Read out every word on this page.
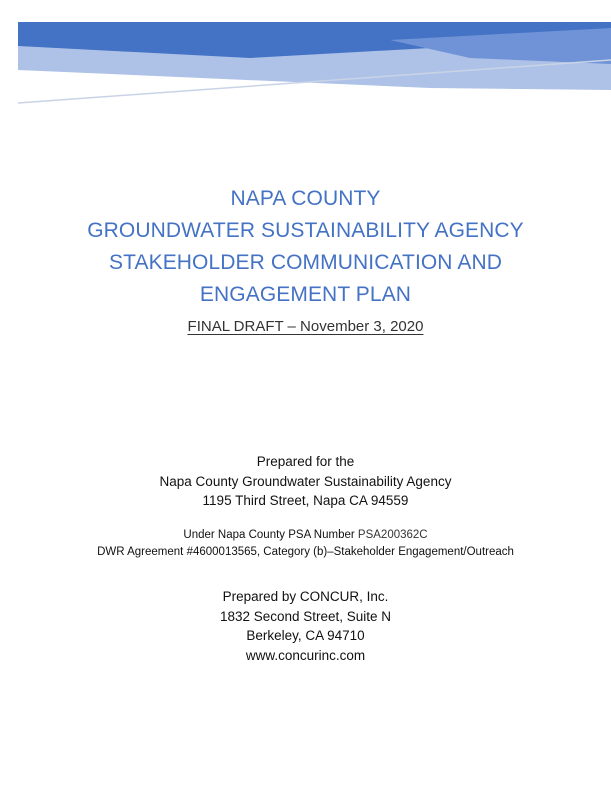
NAPA COUNTY
GROUNDWATER SUSTAINABILITY AGENCY
STAKEHOLDER COMMUNICATION AND
ENGAGEMENT PLAN
FINAL DRAFT – November 3, 2020
Prepared for the
Napa County Groundwater Sustainability Agency
1195 Third Street, Napa CA 94559
Under Napa County PSA Number PSA200362C
DWR Agreement #4600013565, Category (b)–Stakeholder Engagement/Outreach
Prepared by CONCUR, Inc.
1832 Second Street, Suite N
Berkeley, CA 94710
www.concurinc.com
